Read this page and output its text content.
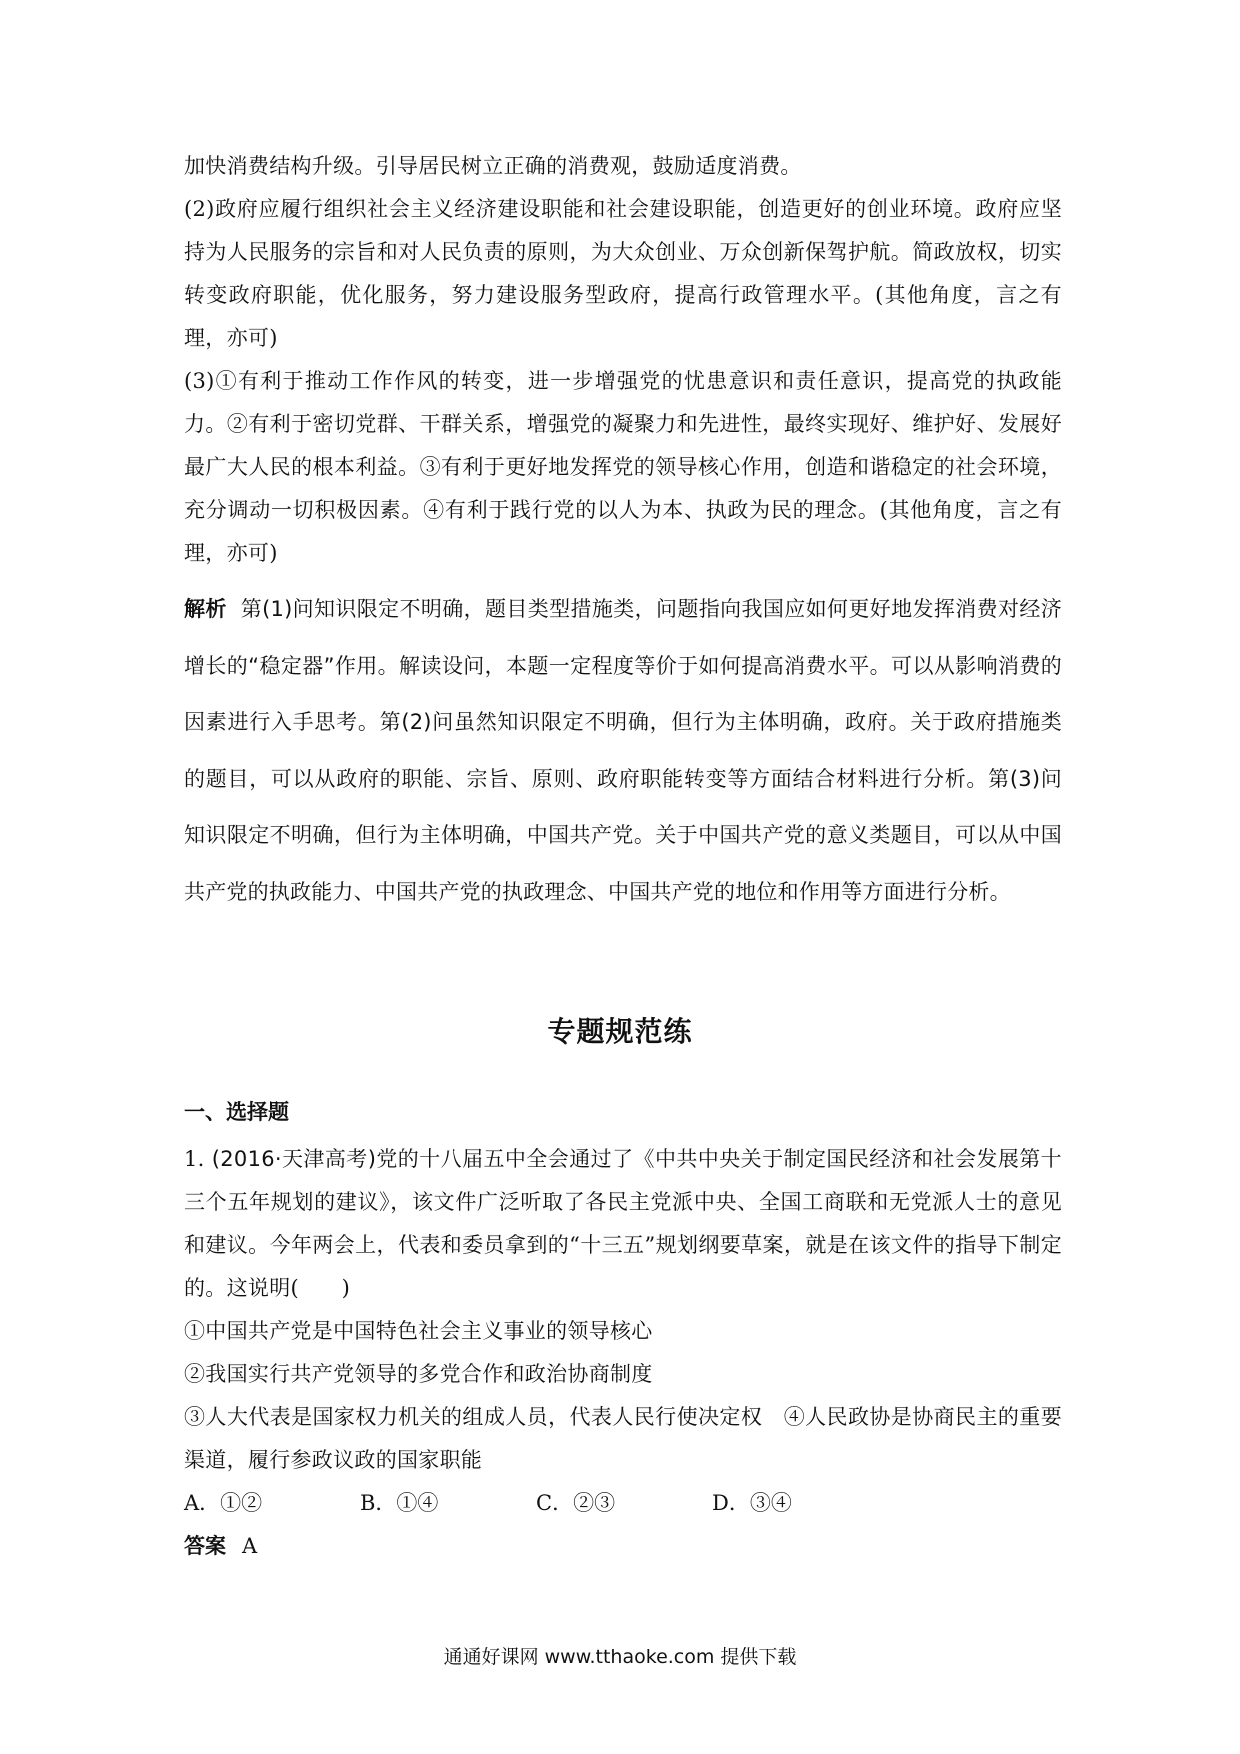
加快消费结构升级。引导居民树立正确的消费观，鼓励适度消费。

(2)政府应履行组织社会主义经济建设职能和社会建设职能，创造更好的创业环境。政府应坚持为人民服务的宗旨和对人民负责的原则，为大众创业、万众创新保驾护航。简政放权，切实转变政府职能，优化服务，努力建设服务型政府，提高行政管理水平。(其他角度，言之有理，亦可)

(3)①有利于推动工作作风的转变，进一步增强党的忧患意识和责任意识，提高党的执政能力。②有利于密切党群、干群关系，增强党的凝聚力和先进性，最终实现好、维护好、发展好最广大人民的根本利益。③有利于更好地发挥党的领导核心作用，创造和谐稳定的社会环境，充分调动一切积极因素。④有利于践行党的以人为本、执政为民的理念。(其他角度，言之有理，亦可)

解析 第(1)问知识限定不明确，题目类型措施类，问题指向我国应如何更好地发挥消费对经济增长的“稳定器”作用。解读设问，本题一定程度等价于如何提高消费水平。可以从影响消费的因素进行入手思考。第(2)问虽然知识限定不明确，但行为主体明确，政府。关于政府措施类的题目，可以从政府的职能、宗旨、原则、政府职能转变等方面结合材料进行分析。第(3)问知识限定不明确，但行为主体明确，中国共产党。关于中国共产党的意义类题目，可以从中国共产党的执政能力、中国共产党的执政理念、中国共产党的地位和作用等方面进行分析。
专题规范练

一、选择题

1. (2016·天津高考)党的十八届五中全会通过了《中共中央关于制定国民经济和社会发展第十三个五年规划的建议》，该文件广泛听取了各民主党派中央、全国工商联和无党派人士的意见和建议。今年两会上，代表和委员拿到的“十三五”规划纲要草案，就是在该文件的指导下制定的。这说明(　　)

①中国共产党是中国特色社会主义事业的领导核心

②我国实行共产党领导的多党合作和政治协商制度

③人大代表是国家权力机关的组成人员，代表人民行使决定权　④人民政协是协商民主的重要渠道，履行参政议政的国家职能

A．①②	B．①④	C．②③	D．③④

答案 A

通通好课网 www.tthaoke.com 提供下载
